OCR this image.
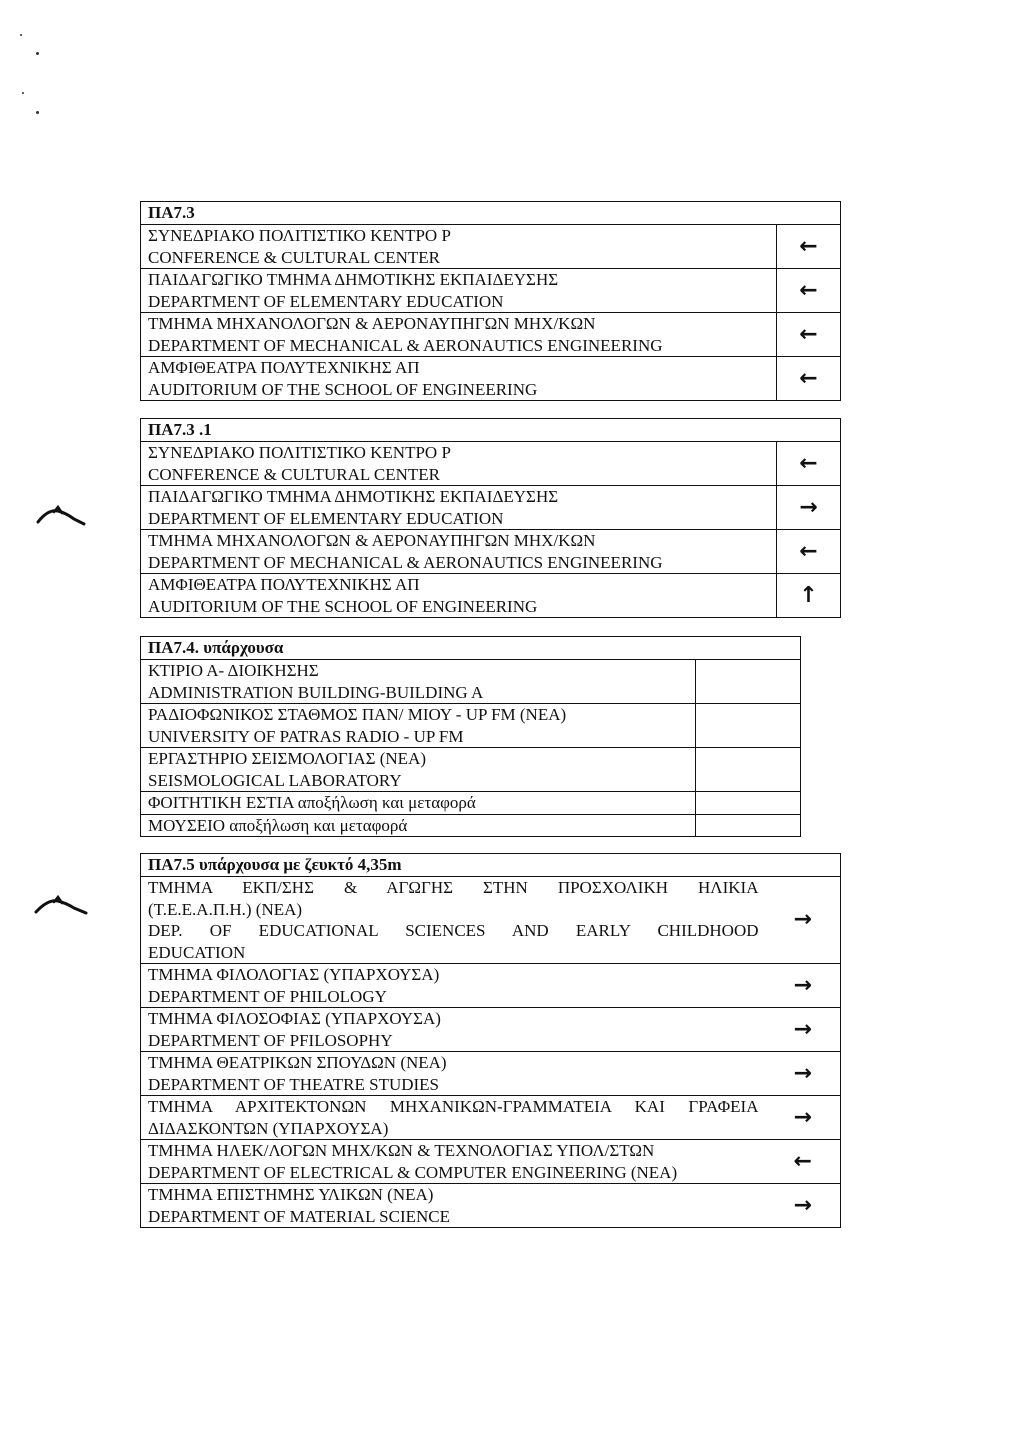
ΠΑ7.3	

ΣΥΝΕΔΡΙΑΚΟ ΠΟΛΙΤΙΣΤΙΚΟ ΚΕΝΤΡΟ Ρ
CONFERENCE & CULTURAL CENTER	←

ΠΑΙΔΑΓΩΓΙΚΟ ΤΜΗΜΑ ΔΗΜΟΤΙΚΗΣ ΕΚΠΑΙΔΕΥΣΗΣ
DEPARTMENT OF ELEMENTARY EDUCATION	←

ΤΜΗΜΑ ΜΗΧΑΝΟΛΟΓΩΝ & ΑΕΡΟΝΑΥΠΗΓΩΝ ΜΗΧ/ΚΩΝ
DEPARTMENT OF MECHANICAL & AERONAUTICS ENGINEERING	←

ΑΜΦΙΘΕΑΤΡΑ ΠΟΛΥΤΕΧΝΙΚΗΣ ΑΠ
AUDITORIUM OF THE SCHOOL OF ENGINEERING	←
ΠΑ7.3 .1	

ΣΥΝΕΔΡΙΑΚΟ ΠΟΛΙΤΙΣΤΙΚΟ ΚΕΝΤΡΟ Ρ
CONFERENCE & CULTURAL CENTER	←

ΠΑΙΔΑΓΩΓΙΚΟ ΤΜΗΜΑ ΔΗΜΟΤΙΚΗΣ ΕΚΠΑΙΔΕΥΣΗΣ
DEPARTMENT OF ELEMENTARY EDUCATION	→

ΤΜΗΜΑ ΜΗΧΑΝΟΛΟΓΩΝ & ΑΕΡΟΝΑΥΠΗΓΩΝ ΜΗΧ/ΚΩΝ
DEPARTMENT OF MECHANICAL & AERONAUTICS ENGINEERING	←

ΑΜΦΙΘΕΑΤΡΑ ΠΟΛΥΤΕΧΝΙΚΗΣ ΑΠ
AUDITORIUM OF THE SCHOOL OF ENGINEERING	↑
ΠΑ7.4. υπάρχουσα	

ΚΤΙΡΙΟ Α- ΔΙΟΙΚΗΣΗΣ
ADMINISTRATION BUILDING-BUILDING A	

ΡΑΔΙΟΦΩΝΙΚΟΣ ΣΤΑΘΜΟΣ ΠΑΝ/ ΜΙΟΥ - UP FM (ΝΕΑ)
UNIVERSITY OF PATRAS RADIO - UP FM	

ΕΡΓΑΣΤΗΡΙΟ ΣΕΙΣΜΟΛΟΓΙΑΣ (ΝΕΑ)
SEISMOLOGICAL LABORATORY	

ΦΟΙΤΗΤΙΚΗ ΕΣΤΙΑ αποξήλωση και μεταφορά	

ΜΟΥΣΕΙΟ αποξήλωση και μεταφορά	

ΠΑ7.5 υπάρχουσα με ζευκτό 4,35m	

ΤΜΗΜΑ ΕΚΠ/ΣΗΣ & ΑΓΩΓΗΣ ΣΤΗΝ ΠΡΟΣΧΟΛΙΚΗ ΗΛΙΚΙΑ
(Τ.Ε.Ε.Α.Π.Η.) (ΝΕΑ)
DEP. OF EDUCATIONAL SCIENCES AND EARLY CHILDHOOD
EDUCATION	→

ΤΜΗΜΑ ΦΙΛΟΛΟΓΙΑΣ (ΥΠΑΡΧΟΥΣΑ)
DEPARTMENT OF PHILOLOGY	→

ΤΜΗΜΑ ΦΙΛΟΣΟΦΙΑΣ (ΥΠΑΡΧΟΥΣΑ)
DEPARTMENT OF PFILOSOPHY	→

ΤΜΗΜΑ ΘΕΑΤΡΙΚΩΝ ΣΠΟΥΔΩΝ (ΝΕΑ)
DEPARTMENT OF THEATRE STUDIES	→

ΤΜΗΜΑ ΑΡΧΙΤΕΚΤΟΝΩΝ ΜΗΧΑΝΙΚΩΝ-ΓΡΑΜΜΑΤΕΙΑ ΚΑΙ ΓΡΑΦΕΙΑ
ΔΙΔΑΣΚΟΝΤΩΝ (ΥΠΑΡΧΟΥΣΑ)	→

ΤΜΗΜΑ ΗΛΕΚ/ΛΟΓΩΝ ΜΗΧ/ΚΩΝ & ΤΕΧΝΟΛΟΓΙΑΣ ΥΠΟΛ/ΣΤΩΝ
DEPARTMENT OF ELECTRICAL & COMPUTER ENGINEERING (ΝΕΑ)	←

ΤΜΗΜΑ ΕΠΙΣΤΗΜΗΣ ΥΛΙΚΩΝ (ΝΕΑ)
DEPARTMENT OF MATERIAL SCIENCE	→
